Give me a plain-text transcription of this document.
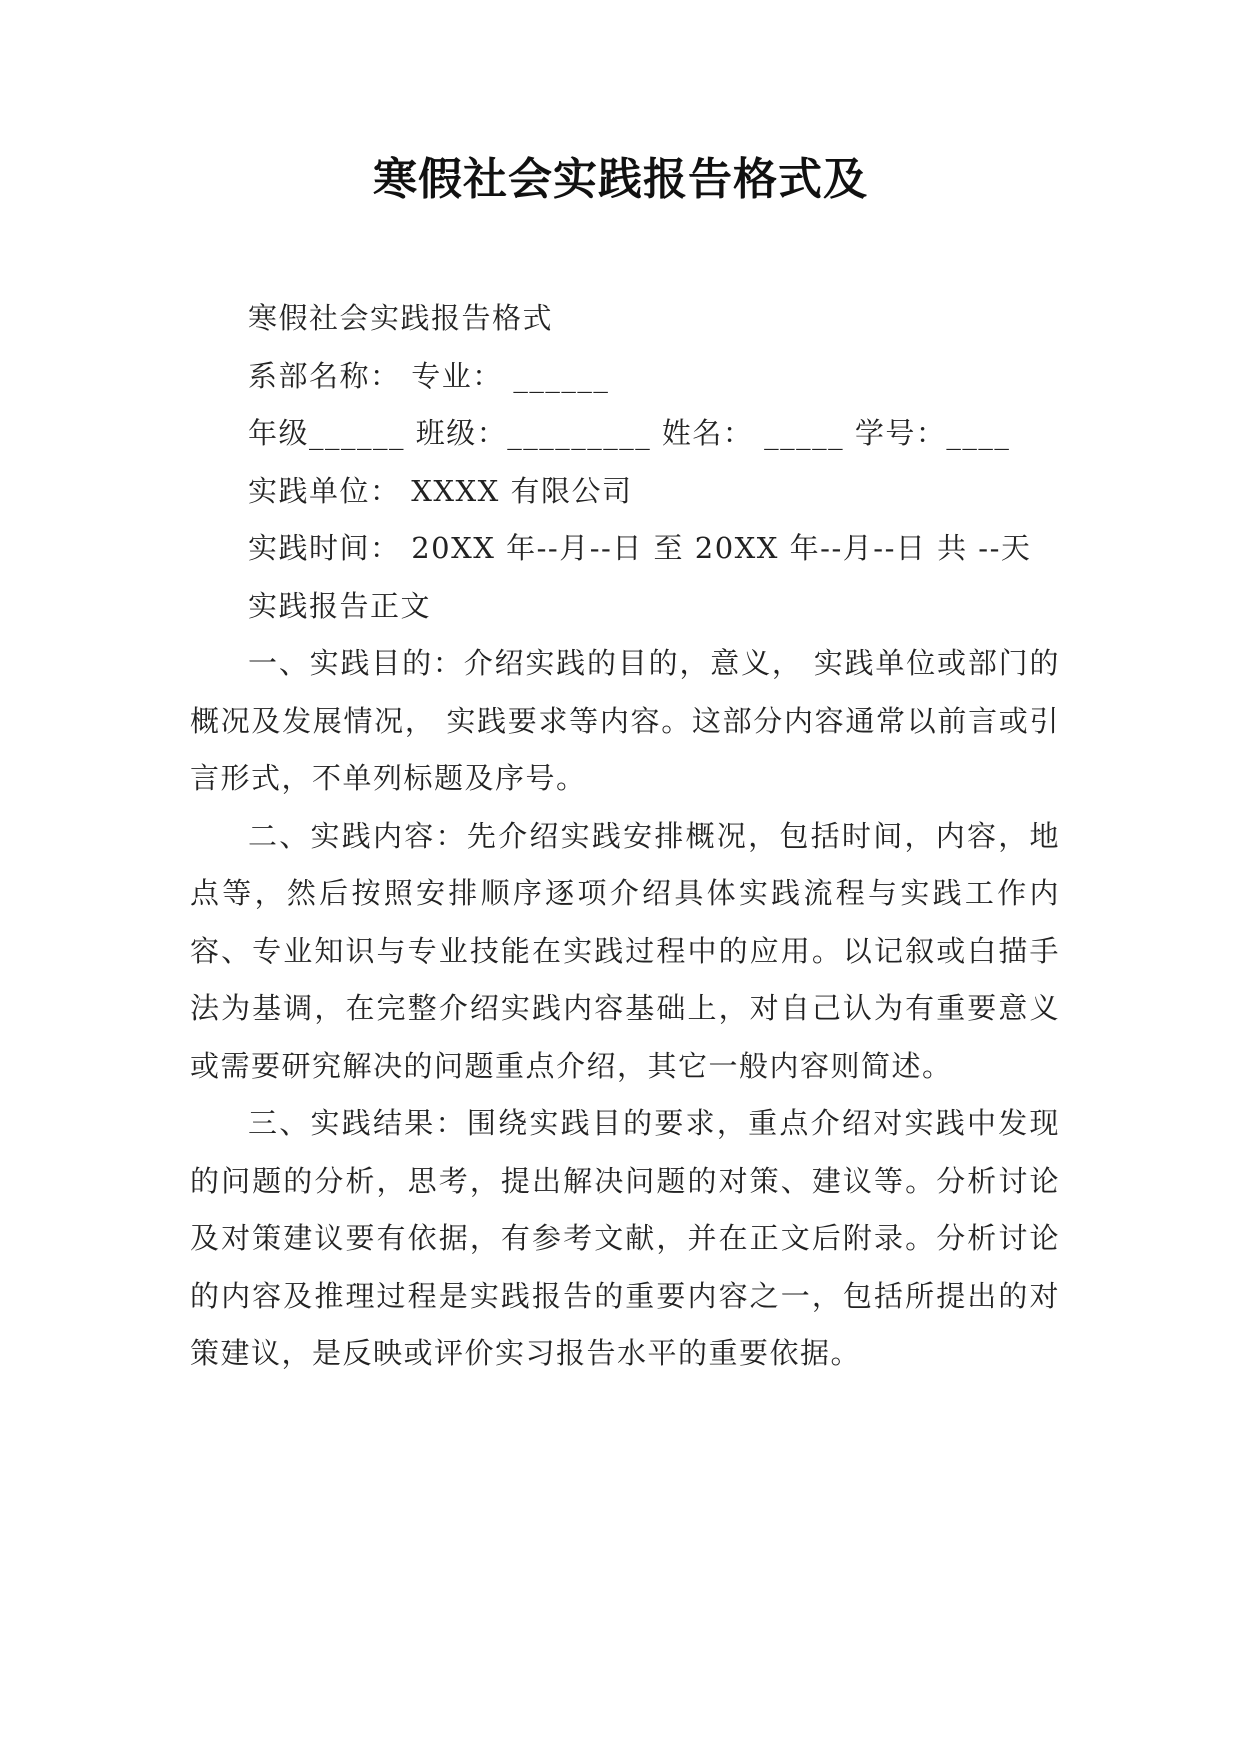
寒假社会实践报告格式及

寒假社会实践报告格式

系部名称： 专业： ______

年级______ 班级：_________ 姓名： _____ 学号：____

实践单位： XXXX 有限公司

实践时间： 20XX 年--月--日 至 20XX 年--月--日 共 --天

实践报告正文

一、实践目的：介绍实践的目的，意义， 实践单位或部门的概况及发展情况， 实践要求等内容。这部分内容通常以前言或引言形式，不单列标题及序号。

二、实践内容：先介绍实践安排概况，包括时间，内容，地点等，然后按照安排顺序逐项介绍具体实践流程与实践工作内容、专业知识与专业技能在实践过程中的应用。以记叙或白描手法为基调，在完整介绍实践内容基础上，对自己认为有重要意义或需要研究解决的问题重点介绍，其它一般内容则简述。

三、实践结果：围绕实践目的要求，重点介绍对实践中发现的问题的分析，思考，提出解决问题的对策、建议等。分析讨论及对策建议要有依据，有参考文献，并在正文后附录。分析讨论的内容及推理过程是实践报告的重要内容之一，包括所提出的对策建议，是反映或评价实习报告水平的重要依据。
